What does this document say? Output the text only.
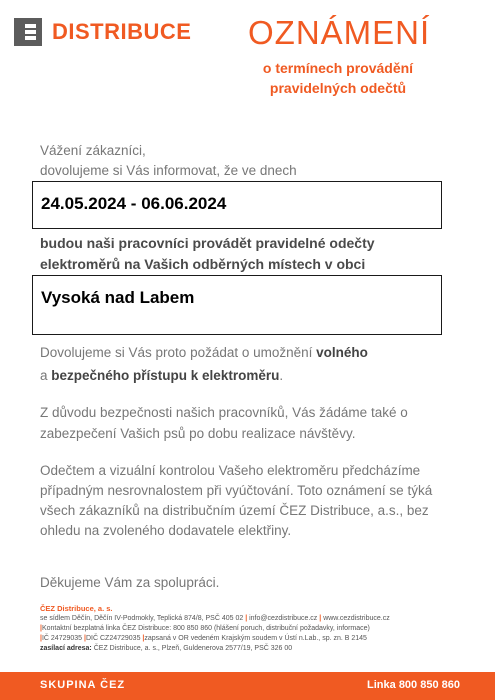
DISTRIBUCE OZNÁMENÍ
o termínech provádění
pravidelných odečtů
Vážení zákazníci,
dovolujeme si Vás informovat, že ve dnech
24.05.2024 - 06.06.2024
budou naši pracovníci provádět pravidelné odečty
elektroměrů na Vašich odběrných místech v obci
Vysoká nad Labem
Dovolujeme si Vás proto požádat o umožnění volného
a bezpečného přístupu k elektroměru.
Z důvodu bezpečnosti našich pracovníků, Vás žádáme také o zabezpečení Vašich psů po dobu realizace návštěvy.
Odečtem a vizuální kontrolou Vašeho elektroměru předcházíme případným nesrovnalostem při vyúčtování. Toto oznámení se týká všech zákazníků na distribučním území ČEZ Distribuce, a.s., bez ohledu na zvoleného dodavatele elektřiny.
Děkujeme Vám za spolupráci.
ČEZ Distribuce, a. s.
se sídlem Děčín, Děčín IV-Podmokly, Teplická 874/8, PSČ 405 02 | info@cezdistribuce.cz | www.cezdistribuce.cz
|Kontaktní bezplatná linka ČEZ Distribuce: 800 850 860 (hlášení poruch, distribuční požadavky, informace)
|IČ 24729035 |DIČ CZ24729035 |zapsaná v OR vedeném Krajským soudem v Ústí n.Lab., sp. zn. B 2145
zasílací adresa: ČEZ Distribuce, a. s., Plzeň, Guldenerova 2577/19, PSČ 326 00
SKUPINA ČEZ	Linka 800 850 860
